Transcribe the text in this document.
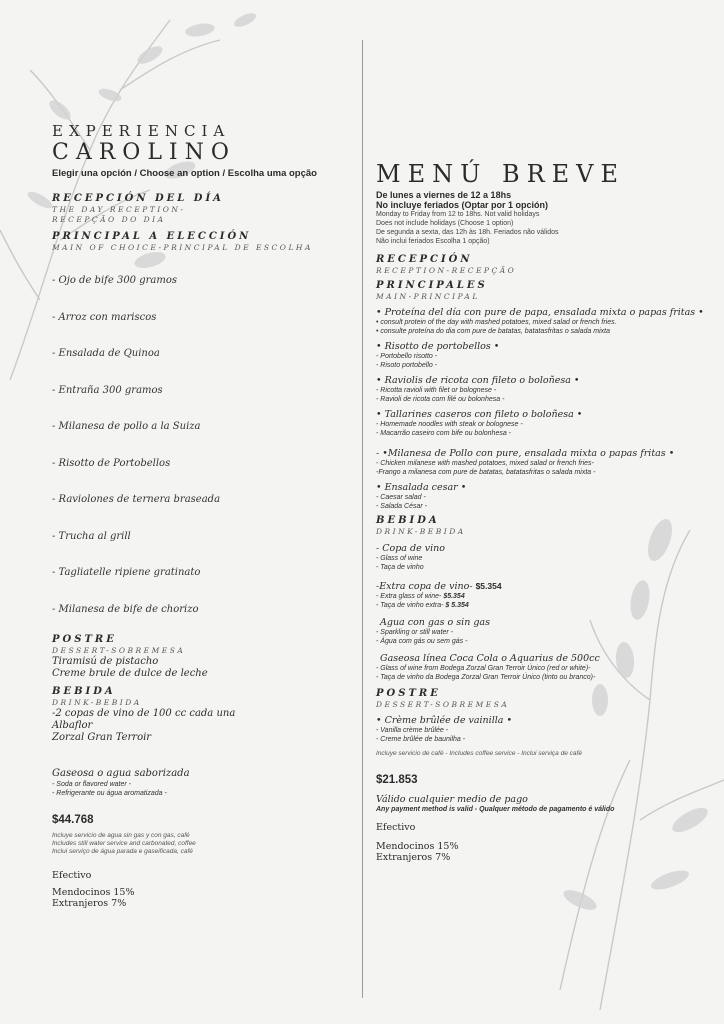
EXPERIENCIA
CAROLINO
Elegir una opción / Choose an option / Escolha uma opção
RECEPCIÓN DEL DÍA
THE DAY RECEPTION-
RECEPÇÃO DO DIA
PRINCIPAL A ELECCIÓN
MAIN OF CHOICE-PRINCIPAL DE ESCOLHA
- Ojo de bife 300 gramos
- Arroz con mariscos
- Ensalada de Quinoa
- Entraña 300 gramos
- Milanesa de pollo a la Suiza
- Risotto de Portobellos
- Raviolones de ternera braseada
- Trucha al grill
- Tagliatelle ripiene gratinato
- Milanesa de bife de chorizo
POSTRE
DESSERT-SOBREMESA
Tiramisú de pistacho
Creme brule de dulce de leche
BEBIDA
DRINK-BEBIDA
-2 copas de vino de 100 cc cada una
Albaflor
Zorzal Gran Terroir
Gaseosa o agua saborizada
- Soda or flavored water -
- Refrigerante ou água aromatizada -
$44.768
Incluye servicio de agua sin gas y con gas, café
Includes still water service and carbonated, coffee
Inclui serviço de água parada e gaseificada, café
Efectivo
Mendocinos 15%
Extranjeros 7%
MENÚ BREVE
De lunes a viernes de 12 a 18hs
No incluye feriados (Optar por 1 opción)
Monday to Friday from 12 to 18hs. Not valid holidays
Does not include holidays (Choose 1 option)
De segunda a sexta, das 12h às 18h. Feriados não válidos
Não inclui feriados Escolha 1 opção)
RECEPCIÓN
RECEPTION-RECEPÇÃO
PRINCIPALES
MAIN-PRINCIPAL
• Proteína del día con pure de papa, ensalada mixta o papas fritas •
• consult protein of the day with mashed potatoes, mixed salad or french fries.
• consulte proteína do dia com pure de batatas, batatasfritas o salada mixta
• Risotto de portobellos •
- Portobello risotto -
- Risoto portobello -
• Raviolis de ricota con fileto o boloñesa •
- Ricotta ravioli with filet or bolognese -
- Ravioli de ricota com filé ou bolonhesa -
• Tallarines caseros con fileto o boloñesa •
- Homemade noodles with steak or bolognese -
- Macarrão caseiro com bife ou bolonhesa -
- •Milanesa de Pollo con pure, ensalada mixta o papas fritas •
- Chicken milanese with mashed potatoes, mixed salad or french fries-
-Frango a milanesa com pure de batatas, batatasfritas o salada mixta -
• Ensalada cesar •
- Caesar salad -
- Salada César -
BEBIDA
DRINK-BEBIDA
- Copa de vino
- Glass of wine
- Taça de vinho
-Extra copa de vino- $5.354
- Extra glass of wine- $5.354
- Taça de vinho extra- $ 5.354
Agua con gas o sin gas
- Sparkling or still water -
- Água com gás ou sem gás -
Gaseosa línea Coca Cola o Aquarius de 500cc
- Glass of wine from Bodega Zorzal Gran Terroir Único (red or white)-
- Taça de vinho da Bodega Zorzal Gran Terroir Único (tinto ou branco)-
POSTRE
DESSERT-SOBREMESA
• Crème brûlée de vainilla •
- Vanilla crème brûlée -
- Creme brûlée de baunilha -
Incluye servicio de café - Includes coffee service - Inclui serviça de café
$21.853
Válido cualquier medio de pago
Any payment method is valid - Qualquer método de pagamento é válido
Efectivo
Mendocinos 15%
Extranjeros 7%
